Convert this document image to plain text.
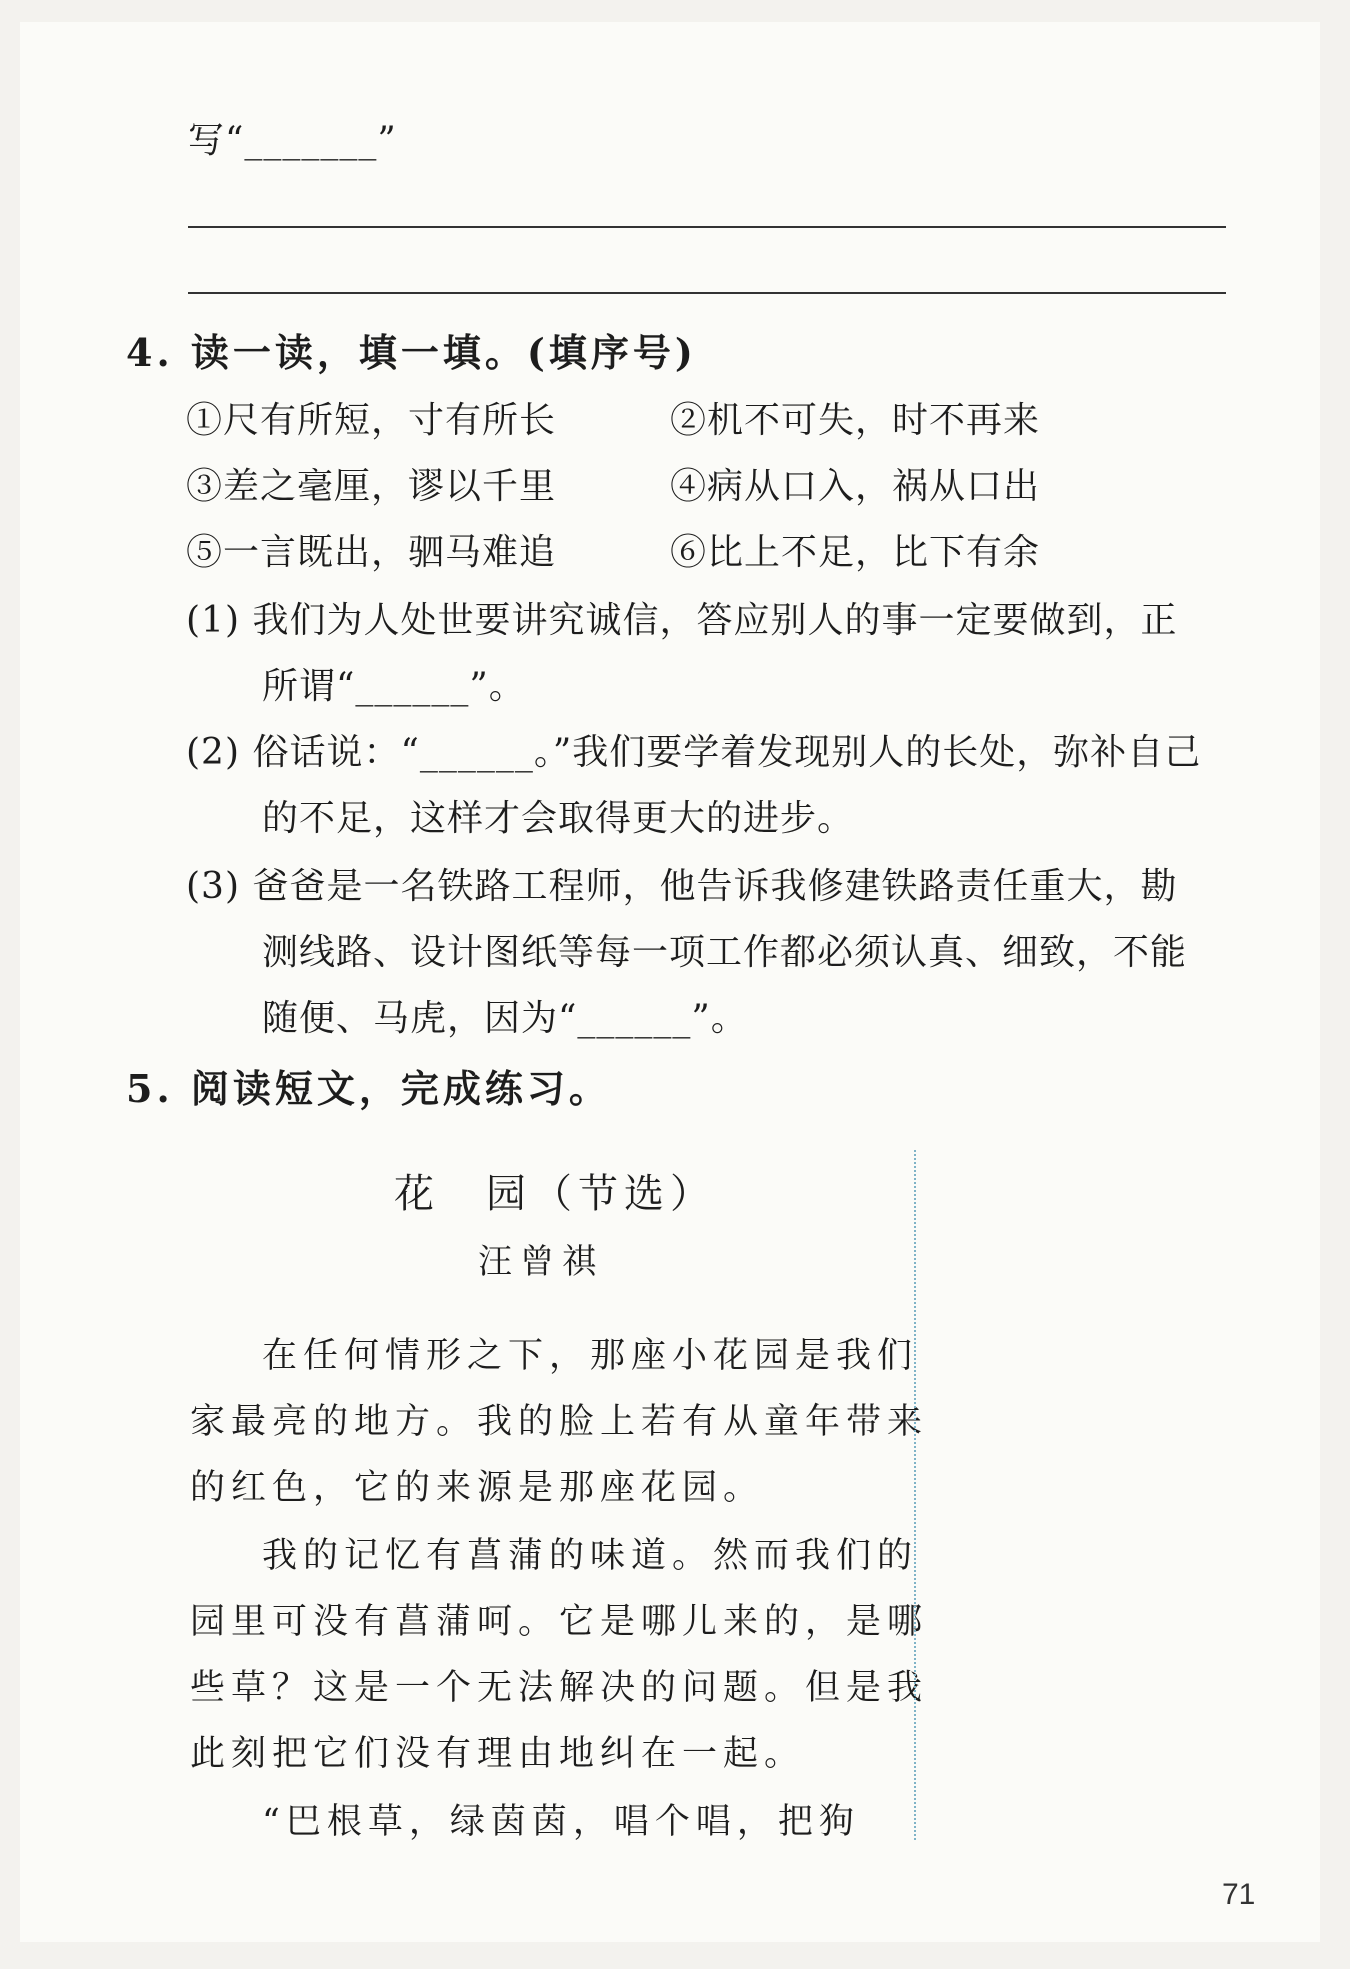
写“_______”
4. 读一读，填一填。(填序号)
①尺有所短，寸有所长	②机不可失，时不再来
③差之毫厘，谬以千里	④病从口入，祸从口出
⑤一言既出，驷马难追	⑥比上不足，比下有余
(1) 我们为人处世要讲究诚信，答应别人的事一定要做到，正
所谓“______”。
(2) 俗话说：“______。”我们要学着发现别人的长处，弥补自己
的不足，这样才会取得更大的进步。
(3) 爸爸是一名铁路工程师，他告诉我修建铁路责任重大，勘
测线路、设计图纸等每一项工作都必须认真、细致，不能
随便、马虎，因为“______”。
5. 阅读短文，完成练习。
花　园（节选）
汪曾祺
在任何情形之下，那座小花园是我们
家最亮的地方。我的脸上若有从童年带来
的红色，它的来源是那座花园。
我的记忆有菖蒲的味道。然而我们的
园里可没有菖蒲呵。它是哪儿来的，是哪
些草？这是一个无法解决的问题。但是我
此刻把它们没有理由地纠在一起。
“巴根草，绿茵茵，唱个唱，把狗
71
